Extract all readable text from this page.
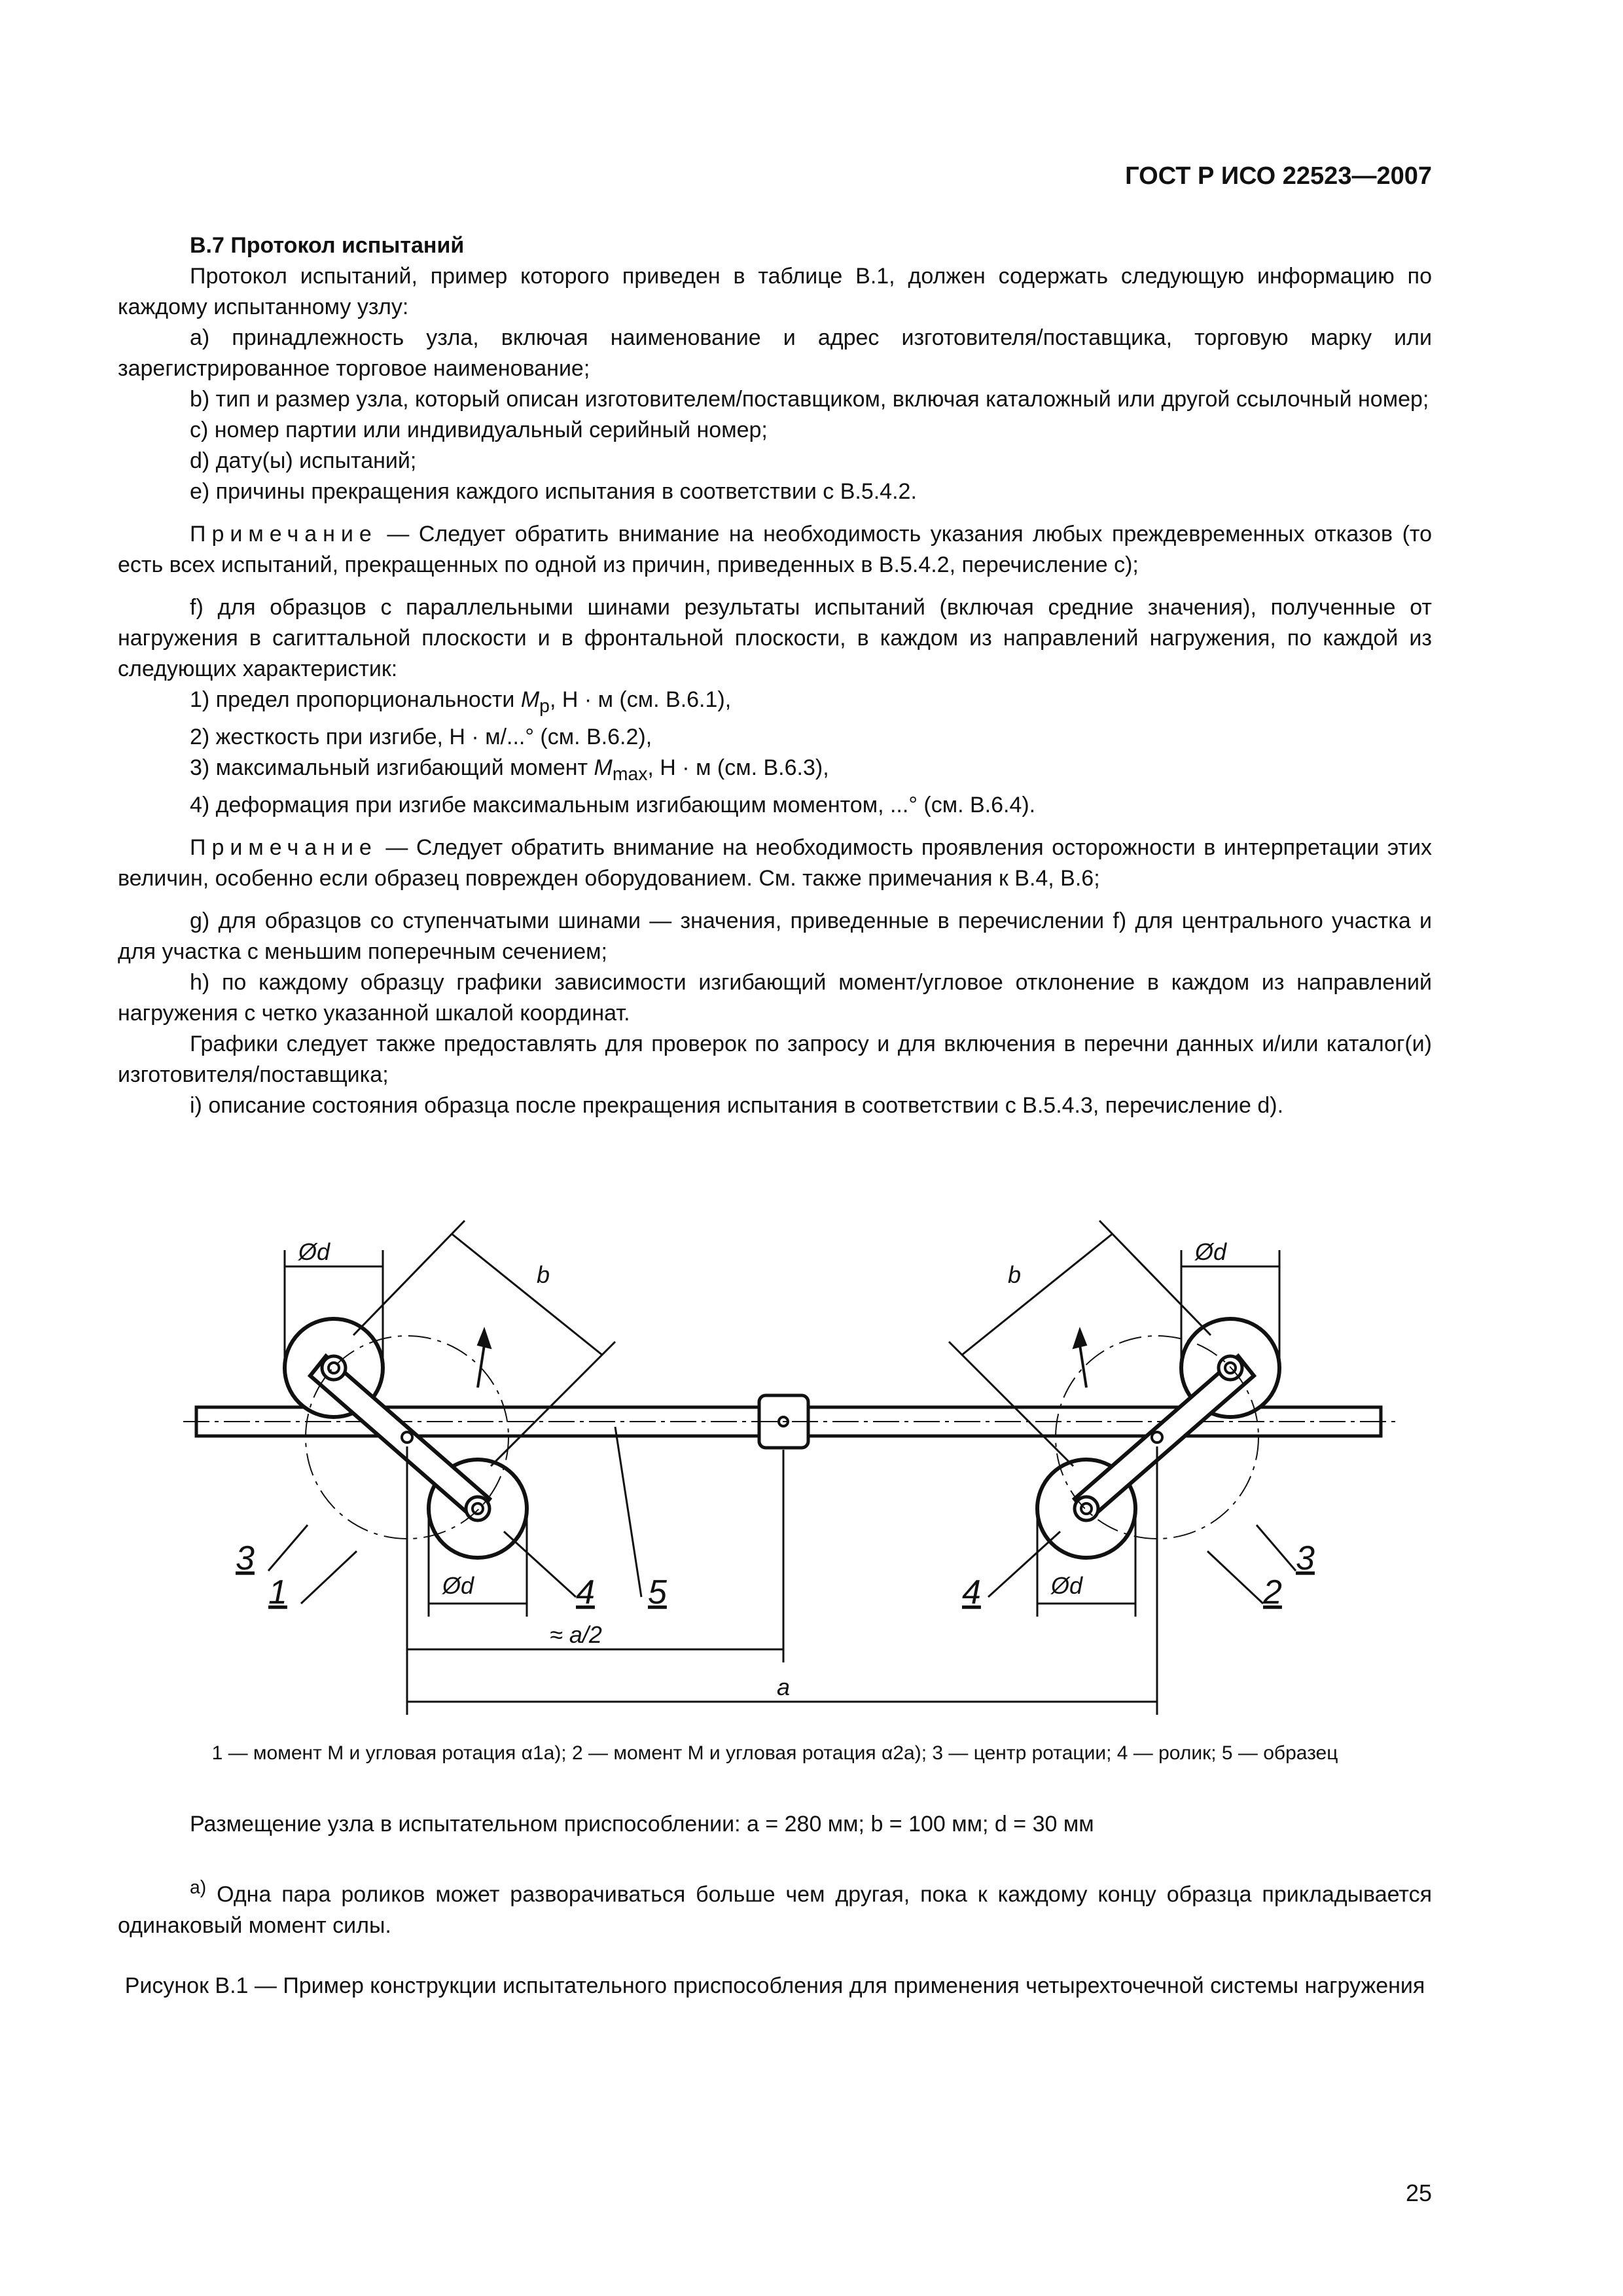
ГОСТ Р ИСО 22523—2007

B.7 Протокол испытаний

Протокол испытаний, пример которого приведен в таблице B.1, должен содержать следующую информацию по каждому испытанному узлу:

a) принадлежность узла, включая наименование и адрес изготовителя/поставщика, торговую марку или зарегистрированное торговое наименование;

b) тип и размер узла, который описан изготовителем/поставщиком, включая каталожный или другой ссылочный номер;

c) номер партии или индивидуальный серийный номер;

d) дату(ы) испытаний;

e) причины прекращения каждого испытания в соответствии с B.5.4.2.

Примечание — Следует обратить внимание на необходимость указания любых преждевременных отказов (то есть всех испытаний, прекращенных по одной из причин, приведенных в B.5.4.2, перечисление c);

f) для образцов с параллельными шинами результаты испытаний (включая средние значения), полученные от нагружения в сагиттальной плоскости и в фронтальной плоскости, в каждом из направлений нагружения, по каждой из следующих характеристик:

1) предел пропорциональности $M_p$, Н · м (см. B.6.1),

2) жесткость при изгибе, Н · м/...° (см. B.6.2),

3) максимальный изгибающий момент $M_{max}$, Н · м (см. B.6.3),

4) деформация при изгибе максимальным изгибающим моментом, ...° (см. B.6.4).

Примечание — Следует обратить внимание на необходимость проявления осторожности в интерпретации этих величин, особенно если образец поврежден оборудованием. См. также примечания к B.4, B.6;

g) для образцов со ступенчатыми шинами — значения, приведенные в перечислении f) для центрального участка и для участка с меньшим поперечным сечением;

h) по каждому образцу графики зависимости изгибающий момент/угловое отклонение в каждом из направлений нагружения с четко указанной шкалой координат.

Графики следует также предоставлять для проверок по запросу и для включения в перечни данных и/или каталог(и) изготовителя/поставщика;

i) описание состояния образца после прекращения испытания в соответствии с B.5.4.3, перечисление d).

Ød
Ød
Ød
Ød
b	b
≈ a/2
a
3
1	4 5	4	2
3
1 — момент M и угловая ротация α1a); 2 — момент M и угловая ротация α2a); 3 — центр ротации; 4 — ролик; 5 — образец
Размещение узла в испытательном приспособлении: a = 280 мм; b = 100 мм; d = 30 мм
$^{a)}$ Одна пара роликов может разворачиваться больше чем другая, пока к каждому концу образца прикладывается одинаковый момент силы.
Рисунок B.1 — Пример конструкции испытательного приспособления для применения четырехточечной системы нагружения
25
